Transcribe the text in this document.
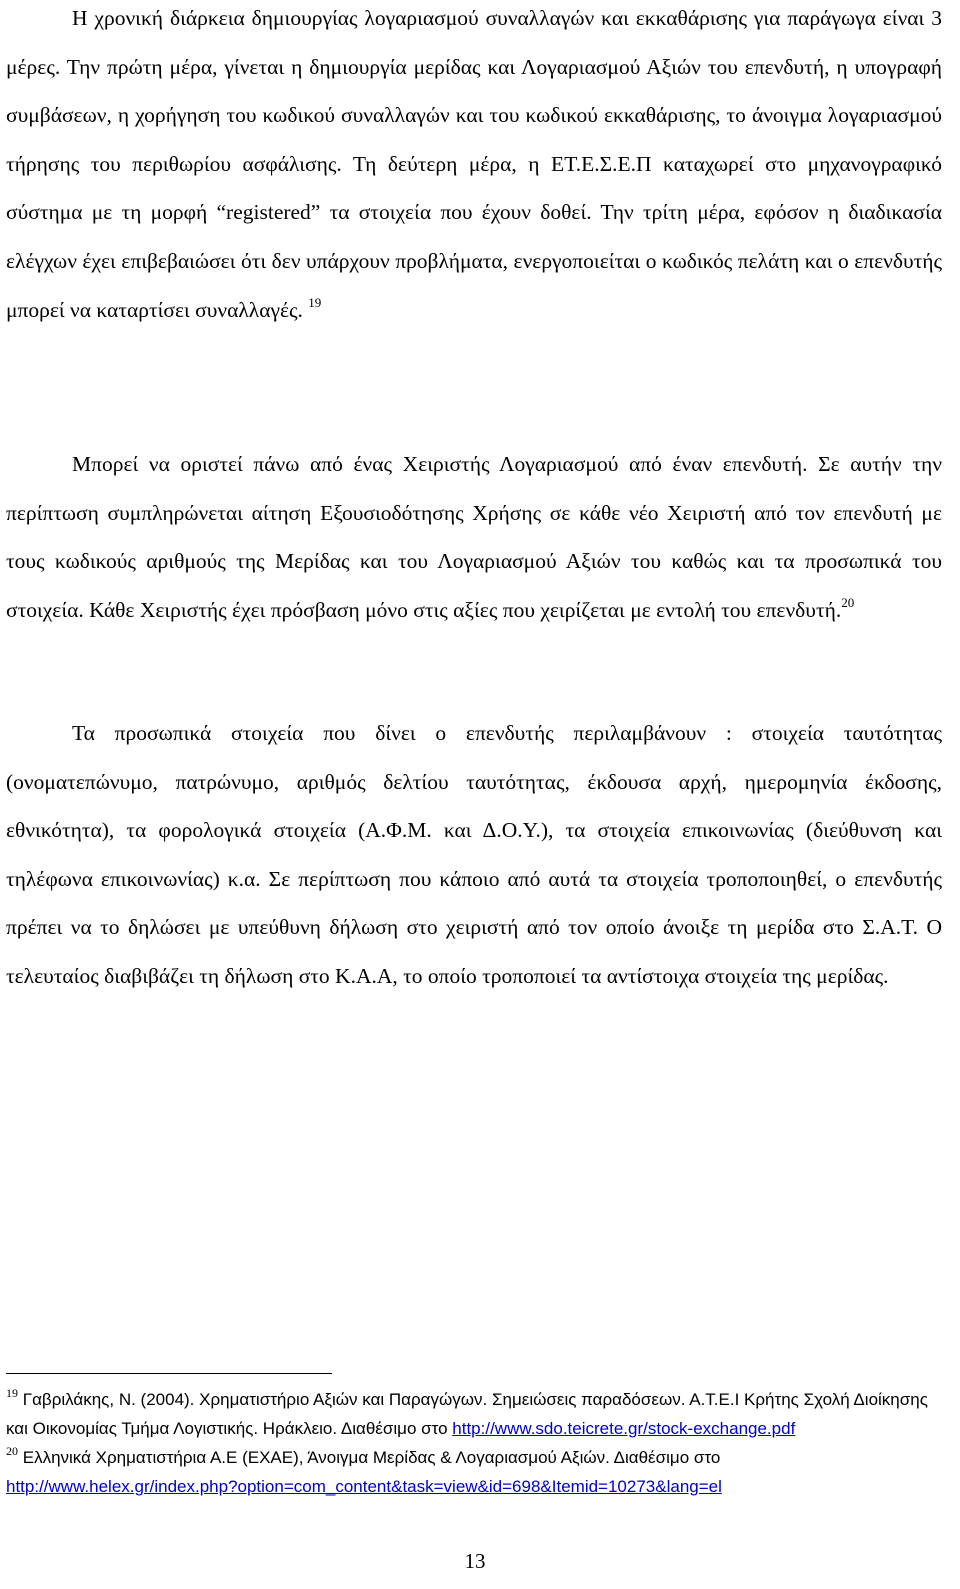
Η χρονική διάρκεια δημιουργίας λογαριασμού συναλλαγών και εκκαθάρισης για παράγωγα είναι 3 μέρες. Την πρώτη μέρα, γίνεται η δημιουργία μερίδας και Λογαριασμού Αξιών του επενδυτή, η υπογραφή συμβάσεων, η χορήγηση του κωδικού συναλλαγών και του κωδικού εκκαθάρισης, το άνοιγμα λογαριασμού τήρησης του περιθωρίου ασφάλισης. Τη δεύτερη μέρα, η ΕΤ.Ε.Σ.Ε.Π καταχωρεί στο μηχανογραφικό σύστημα με τη μορφή “registered” τα στοιχεία που έχουν δοθεί. Την τρίτη μέρα, εφόσον η διαδικασία ελέγχων έχει επιβεβαιώσει ότι δεν υπάρχουν προβλήματα, ενεργοποιείται ο κωδικός πελάτη και ο επενδυτής μπορεί να καταρτίσει συναλλαγές. $^{19}$

Μπορεί να οριστεί πάνω από ένας Χειριστής Λογαριασμού από έναν επενδυτή. Σε αυτήν την περίπτωση συμπληρώνεται αίτηση Εξουσιοδότησης Χρήσης σε κάθε νέο Χειριστή από τον επενδυτή με τους κωδικούς αριθμούς της Μερίδας και του Λογαριασμού Αξιών του καθώς και τα προσωπικά του στοιχεία. Κάθε Χειριστής έχει πρόσβαση μόνο στις αξίες που χειρίζεται με εντολή του επενδυτή.$^{20}$

Τα προσωπικά στοιχεία που δίνει ο επενδυτής περιλαμβάνουν : στοιχεία ταυτότητας (ονοματεπώνυμο, πατρώνυμο, αριθμός δελτίου ταυτότητας, έκδουσα αρχή, ημερομηνία έκδοσης, εθνικότητα), τα φορολογικά στοιχεία (Α.Φ.Μ. και Δ.Ο.Υ.), τα στοιχεία επικοινωνίας (διεύθυνση και τηλέφωνα επικοινωνίας) κ.α. Σε περίπτωση που κάποιο από αυτά τα στοιχεία τροποποιηθεί, ο επενδυτής πρέπει να το δηλώσει με υπεύθυνη δήλωση στο χειριστή από τον οποίο άνοιξε τη μερίδα στο Σ.Α.Τ. Ο τελευταίος διαβιβάζει τη δήλωση στο Κ.Α.Α, το οποίο τροποποιεί τα αντίστοιχα στοιχεία της μερίδας.

$^{19}$ Γαβριλάκης, Ν. (2004). Χρηματιστήριο Αξιών και Παραγώγων. Σημειώσεις παραδόσεων. Α.Τ.Ε.Ι Κρήτης Σχολή Διοίκησης και Οικονομίας Τμήμα Λογιστικής. Ηράκλειο. Διαθέσιμο στο http://www.sdo.teicrete.gr/stock-exchange.pdf

$^{20}$ Ελληνικά Χρηματιστήρια Α.Ε (ΕΧΑΕ), Άνοιγμα Μερίδας & Λογαριασμού Αξιών. Διαθέσιμο στο http://www.helex.gr/index.php?option=com_content&task=view&id=698&Itemid=10273&lang=el

13
